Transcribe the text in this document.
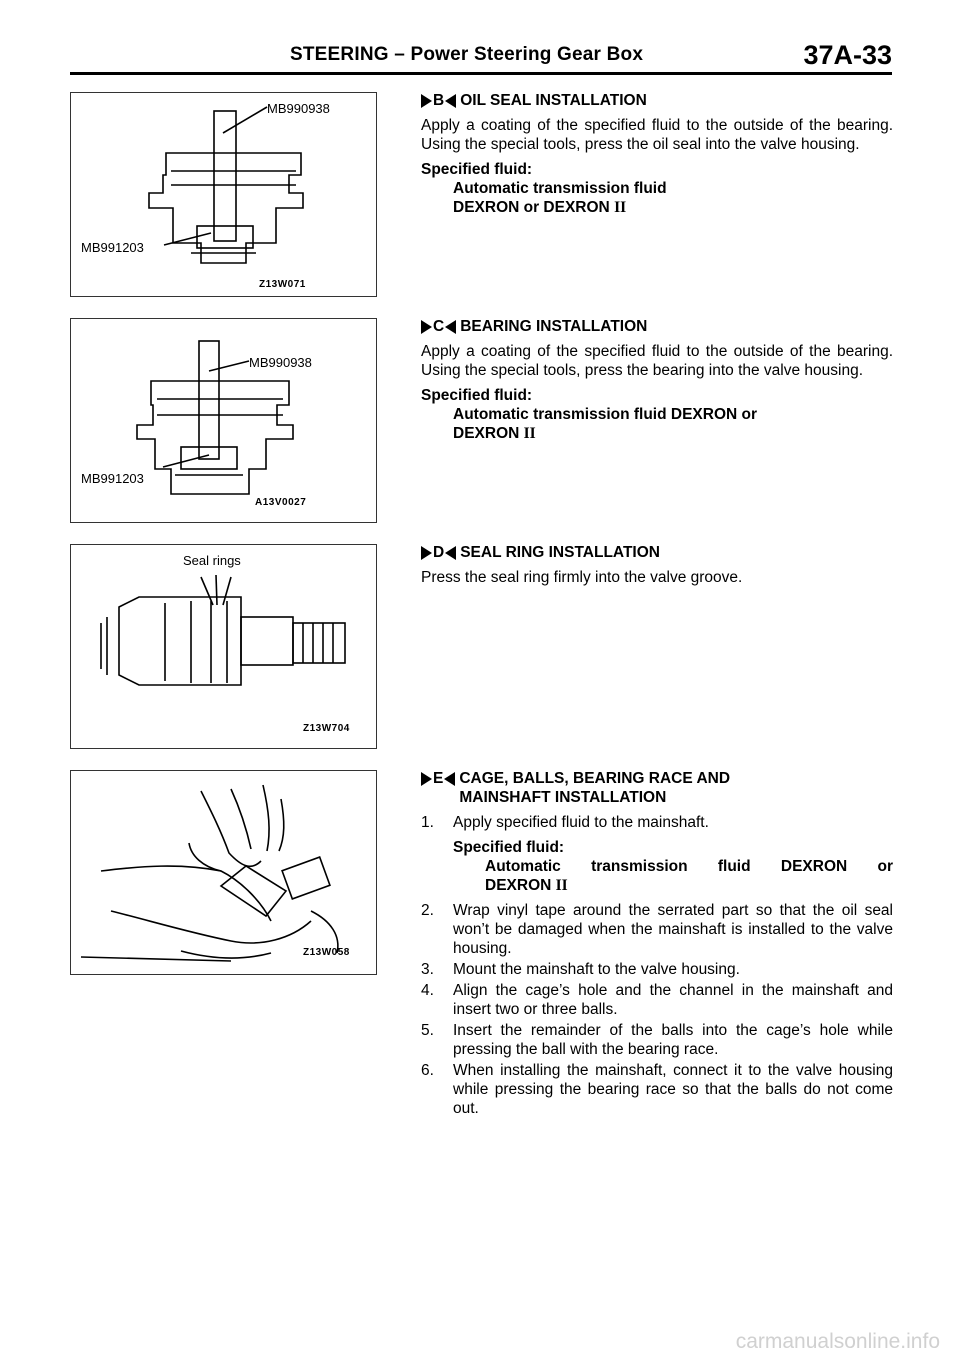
STEERING – Power Steering Gear Box	37A-33
MB990938
MB991203
Z13W071
MB990938
MB991203
A13V0027
Seal rings
Z13W704
Z13W058
B OIL SEAL INSTALLATION

Apply a coating of the specified fluid to the outside of the bearing. Using the special tools, press the oil seal into the valve housing.

Specified fluid:
Automatic transmission fluid
DEXRON or DEXRON II
C BEARING INSTALLATION

Apply a coating of the specified fluid to the outside of the bearing. Using the special tools, press the bearing into the valve housing.

Specified fluid:
Automatic transmission fluid DEXRON or
DEXRON II
D SEAL RING INSTALLATION

Press the seal ring firmly into the valve groove.

E CAGE, BALLS, BEARING RACE AND
MAINSHAFT INSTALLATION
1.	Apply specified fluid to the mainshaft.
Specified fluid:
Automatic transmission fluid DEXRON or
DEXRON II
2.	Wrap vinyl tape around the serrated part so that the oil seal won’t be damaged when the mainshaft is installed to the valve housing.
3.	Mount the mainshaft to the valve housing.
4.	Align the cage’s hole and the channel in the mainshaft and insert two or three balls.
5.	Insert the remainder of the balls into the cage’s hole while pressing the ball with the bearing race.
6.	When installing the mainshaft, connect it to the valve housing while pressing the bearing race so that the balls do not come out.
carmanualsonline.info
